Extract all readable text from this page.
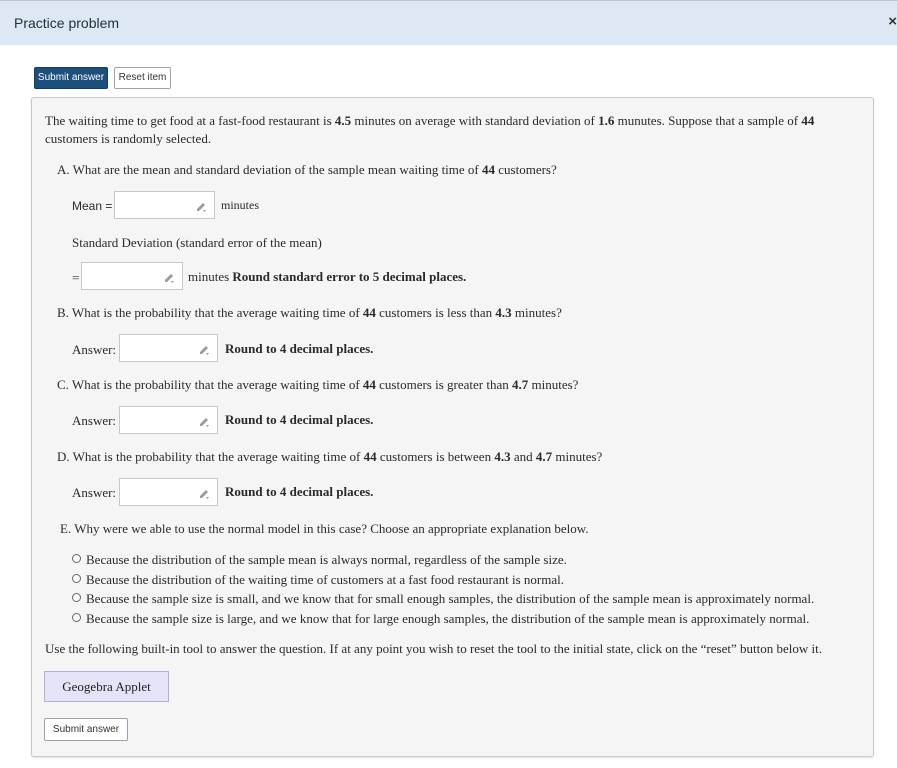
Practice problem	×
Submit answer	Reset item
The waiting time to get food at a fast-food restaurant is 4.5 minutes on average with standard deviation of 1.6 munutes. Suppose that a sample of 44
customers is randomly selected.
A. What are the mean and standard deviation of the sample mean waiting time of 44 customers?
Mean =	minutes
Standard Deviation (standard error of the mean)
=	minutes Round standard error to 5 decimal places.
B. What is the probability that the average waiting time of 44 customers is less than 4.3 minutes?
Answer:	Round to 4 decimal places.
C. What is the probability that the average waiting time of 44 customers is greater than 4.7 minutes?
Answer:	Round to 4 decimal places.
D. What is the probability that the average waiting time of 44 customers is between 4.3 and 4.7 minutes?
Answer:	Round to 4 decimal places.
E. Why were we able to use the normal model in this case? Choose an appropriate explanation below.
Because the distribution of the sample mean is always normal, regardless of the sample size.
Because the distribution of the waiting time of customers at a fast food restaurant is normal.
Because the sample size is small, and we know that for small enough samples, the distribution of the sample mean is approximately normal.
Because the sample size is large, and we know that for large enough samples, the distribution of the sample mean is approximately normal.
Use the following built-in tool to answer the question. If at any point you wish to reset the tool to the initial state, click on the “reset” button below it.
Geogebra Applet
Submit answer
